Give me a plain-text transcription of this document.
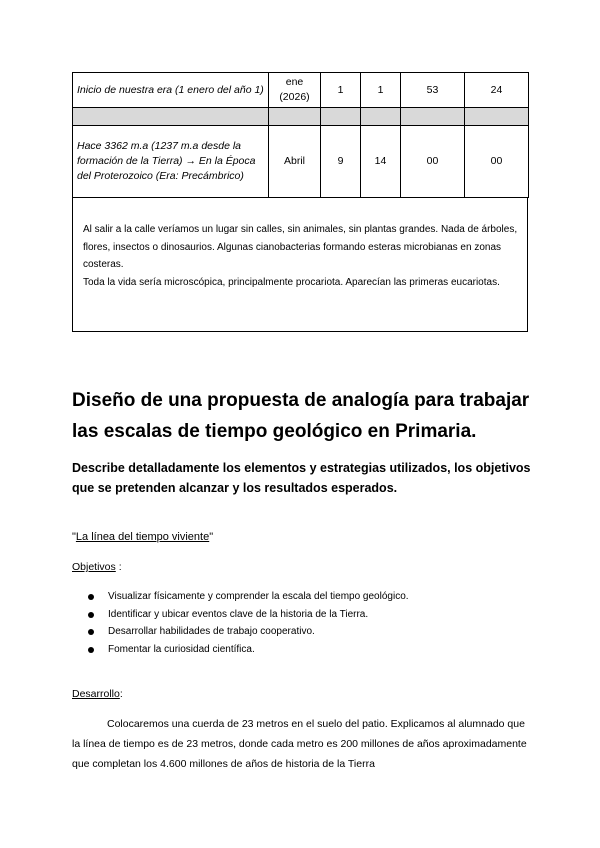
Inicio de nuestra era (1 enero del año 1)	ene (2026)	1	1	53	24

Hace 3362 m.a (1237 m.a desde la formación de la Tierra) → En la Época del Proterozoico (Era: Precámbrico)	Abril	9	14	00	00
Al salir a la calle veríamos un lugar sin calles, sin animales, sin plantas grandes. Nada de árboles, flores, insectos o dinosaurios. Algunas cianobacterias formando esteras microbianas en zonas costeras.
Toda la vida sería microscópica, principalmente procariota. Aparecían las primeras eucariotas.
Diseño de una propuesta de analogía para trabajar las escalas de tiempo geológico en Primaria.
Describe detalladamente los elementos y estrategias utilizados, los objetivos que se pretenden alcanzar y los resultados esperados.
"La línea del tiempo viviente"
Objetivos :
Visualizar físicamente y comprender la escala del tiempo geológico.
Identificar y ubicar eventos clave de la historia de la Tierra.
Desarrollar habilidades de trabajo cooperativo.
Fomentar la curiosidad científica.
Desarrollo:

Colocaremos una cuerda de 23 metros en el suelo del patio. Explicamos al alumnado que la línea de tiempo es de 23 metros, donde cada metro es 200 millones de años aproximadamente que completan los 4.600 millones de años de historia de la Tierra
